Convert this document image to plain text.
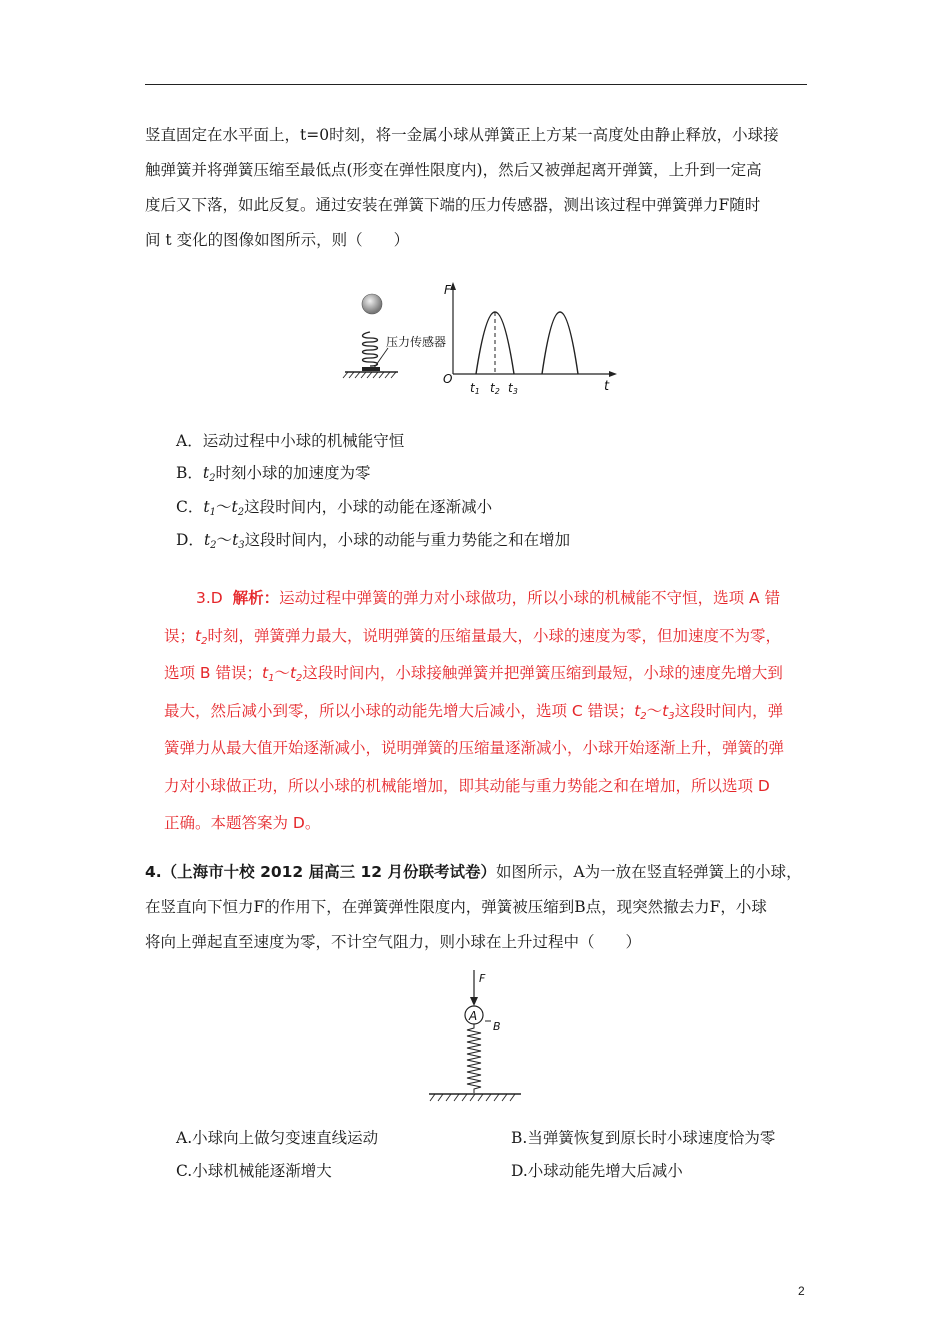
竖直固定在水平面上，t=0时刻，将一金属小球从弹簧正上方某一高度处由静止释放，小球接
触弹簧并将弹簧压缩至最低点(形变在弹性限度内)，然后又被弹起离开弹簧，上升到一定高
度后又下落，如此反复。通过安装在弹簧下端的压力传感器，测出该过程中弹簧弹力F随时
间 t 变化的图像如图所示，则（　　）
压力传感器
F
O	t
t1 t2 t3
A．运动过程中小球的机械能守恒
B．$t_2$时刻小球的加速度为零
C．$t_1\sim t_2$这段时间内，小球的动能在逐渐减小
D．$t_2\sim t_3$这段时间内，小球的动能与重力势能之和在增加
3.D 解析：运动过程中弹簧的弹力对小球做功，所以小球的机械能不守恒，选项 A 错
误；$t_2$时刻，弹簧弹力最大，说明弹簧的压缩量最大，小球的速度为零，但加速度不为零，
选项 B 错误；$t_1\sim t_2$这段时间内，小球接触弹簧并把弹簧压缩到最短，小球的速度先增大到
最大，然后减小到零，所以小球的动能先增大后减小，选项 C 错误；$t_2\sim t_3$这段时间内，弹
簧弹力从最大值开始逐渐减小，说明弹簧的压缩量逐渐减小，小球开始逐渐上升，弹簧的弹
力对小球做正功，所以小球的机械能增加，即其动能与重力势能之和在增加，所以选项 D
正确。本题答案为 D。
4.（上海市十校 2012 届高三 12 月份联考试卷）如图所示，A为一放在竖直轻弹簧上的小球，
在竖直向下恒力F的作用下，在弹簧弹性限度内，弹簧被压缩到B点，现突然撤去力F，小球
将向上弹起直至速度为零，不计空气阻力，则小球在上升过程中（　　）
F
A
B
A.小球向上做匀变速直线运动	B.当弹簧恢复到原长时小球速度恰为零
C.小球机械能逐渐增大	D.小球动能先增大后减小
2
